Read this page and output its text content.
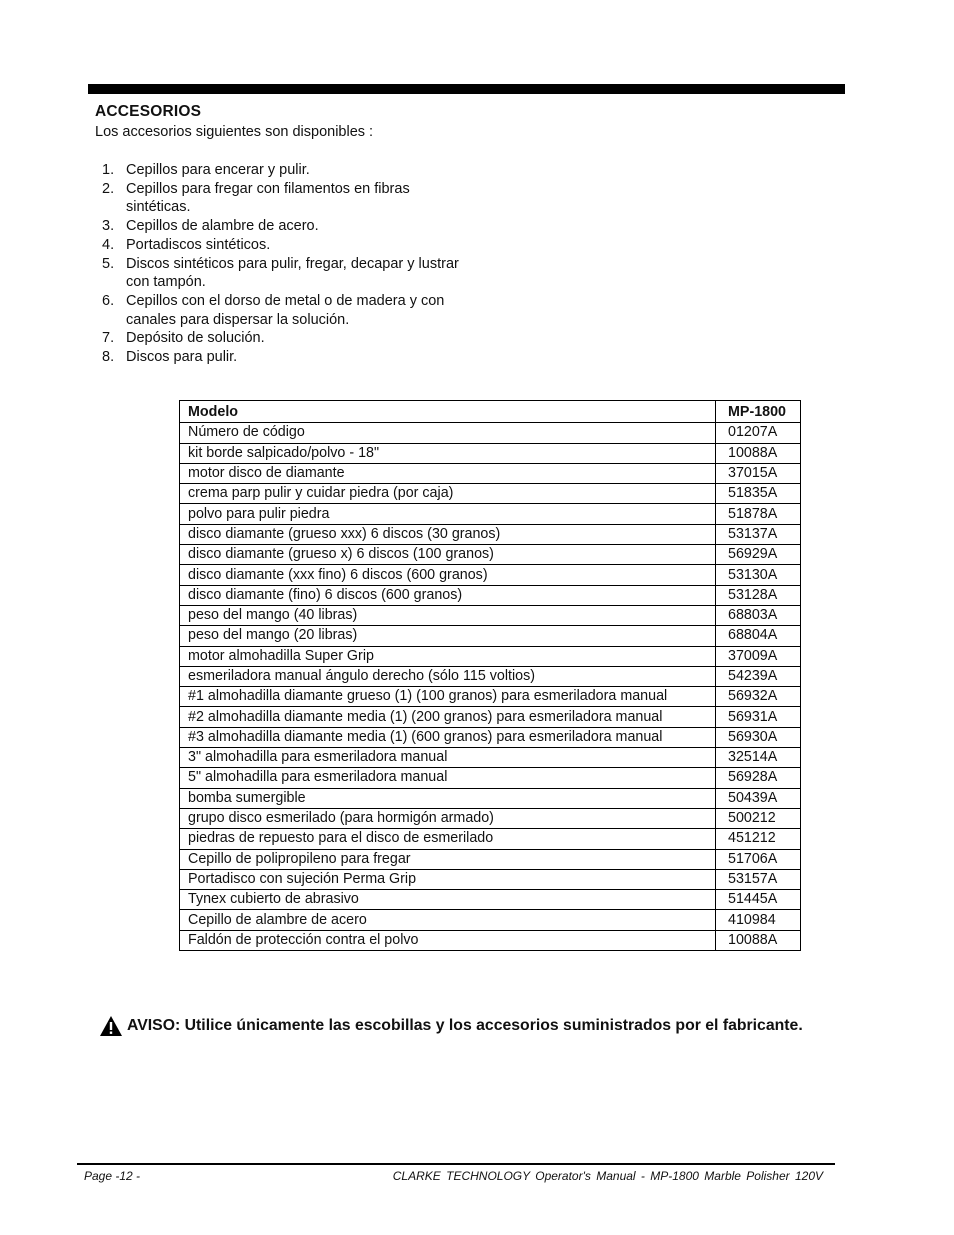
ACCESORIOS
Los accesorios siguientes son disponibles :
1. Cepillos para encerar y pulir.
2. Cepillos para fregar con filamentos en fibras sintéticas.
3. Cepillos de alambre de acero.
4. Portadiscos sintéticos.
5. Discos sintéticos para pulir, fregar, decapar y lustrar con tampón.
6. Cepillos con el dorso de metal o de madera y con canales para dispersar la solución.
7. Depósito de solución.
8. Discos para pulir.
Modelo	MP-1800
Número de código	01207A
kit borde salpicado/polvo - 18"	10088A
motor disco de diamante	37015A
crema parp pulir y cuidar piedra (por caja)	51835A
polvo para pulir piedra	51878A
disco diamante (grueso xxx) 6 discos (30 granos)	53137A
disco diamante (grueso x) 6 discos (100 granos)	56929A
disco diamante (xxx fino) 6 discos (600 granos)	53130A
disco diamante (fino) 6 discos (600 granos)	53128A
peso del mango (40 libras)	68803A
peso del mango (20 libras)	68804A
motor almohadilla Super Grip	37009A
esmeriladora manual ángulo derecho (sólo 115 voltios)	54239A
#1 almohadilla diamante grueso (1) (100 granos) para esmeriladora manual	56932A
#2 almohadilla diamante media (1) (200 granos) para esmeriladora manual	56931A
#3 almohadilla diamante media (1) (600 granos) para esmeriladora manual	56930A
3" almohadilla para esmeriladora manual	32514A
5" almohadilla para esmeriladora manual	56928A
bomba sumergible	50439A
grupo disco esmerilado (para hormigón armado)	500212
piedras de repuesto para el disco de esmerilado	451212
Cepillo de polipropileno para fregar	51706A
Portadisco con sujeción Perma Grip	53157A
Tynex cubierto de abrasivo	51445A
Cepillo de alambre de acero	410984
Faldón de protección contra el polvo	10088A
AVISO: Utilice únicamente las escobillas y los accesorios suministrados por el fabricante.
Page -12 -	CLARKE TECHNOLOGY Operator's Manual - MP-1800 Marble Polisher 120V
